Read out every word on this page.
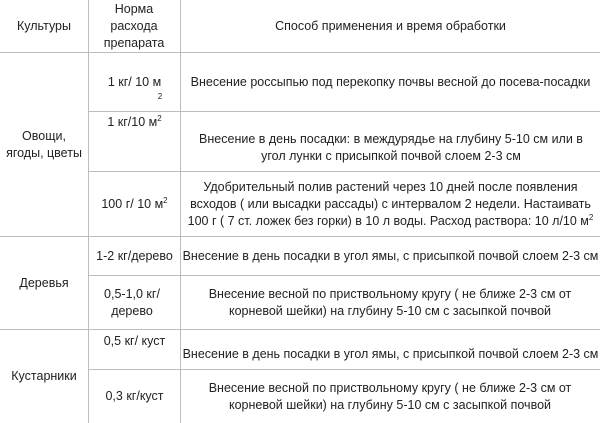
Культуры
Норма расхода препарата
Способ применения и время обработки
Овощи, ягоды, цветы
Деревья
Кустарники
1 кг/ 10 м
2
Внесение россыпью под перекопку почвы весной до посева-посадки
1 кг/10 $м^2$
Внесение в день посадки: в междурядье на глубину 5-10 см или в угол лунки с присыпкой почвой слоем 2-3 см
100 г/ 10 $м^2$
Удобрительный полив растений через 10 дней после появления всходов ( или высадки рассады) с интервалом 2 недели. Настаивать 100 г ( 7 ст. ложек без горки) в 10 л воды. Расход раствора: 10 л/10 $м^2$
1-2 кг/дерево Внесение в день посадки в угол ямы, с присыпкой почвой слоем 2-3 см
0,5-1,0 кг/ дерево
Внесение весной по приствольному кругу ( не ближе 2-3 см от корневой шейки) на глубину 5-10 см с засыпкой почвой
0,5 кг/ куст
Внесение в день посадки в угол ямы, с присыпкой почвой слоем 2-3 см
0,3 кг/куст
Внесение весной по приствольному кругу ( не ближе 2-3 см от корневой шейки) на глубину 5-10 см с засыпкой почвой
